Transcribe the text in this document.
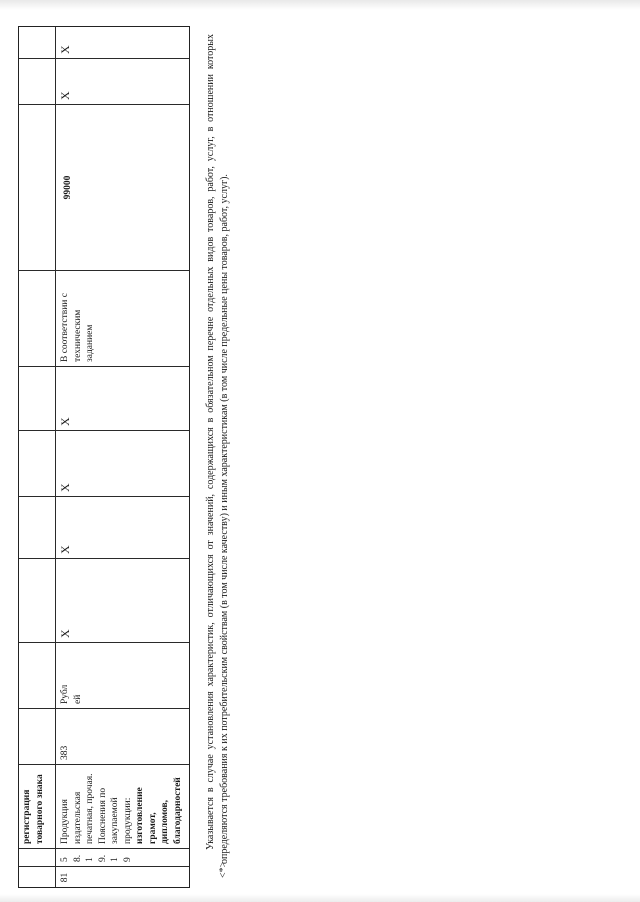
регистрация товарного знака
81
58.19.19
Продукция издательская печатная, прочая. Пояснения по закупаемой продукции: изготовление грамот, дипломов, благодарностей
383
Рубл ей
X
X
X
X
В соответствии с техническим заданием
99000
X
X
<*>
Указывается в случае установления характеристик, отличающихся от значений, содержащихся в обязательном перечне отдельных видов товаров, работ, услуг, в отношении которых определяются требования к их потребительским свойствам (в том числе качеству) и иным характеристикам (в том числе предельные цены товаров, работ, услуг).
